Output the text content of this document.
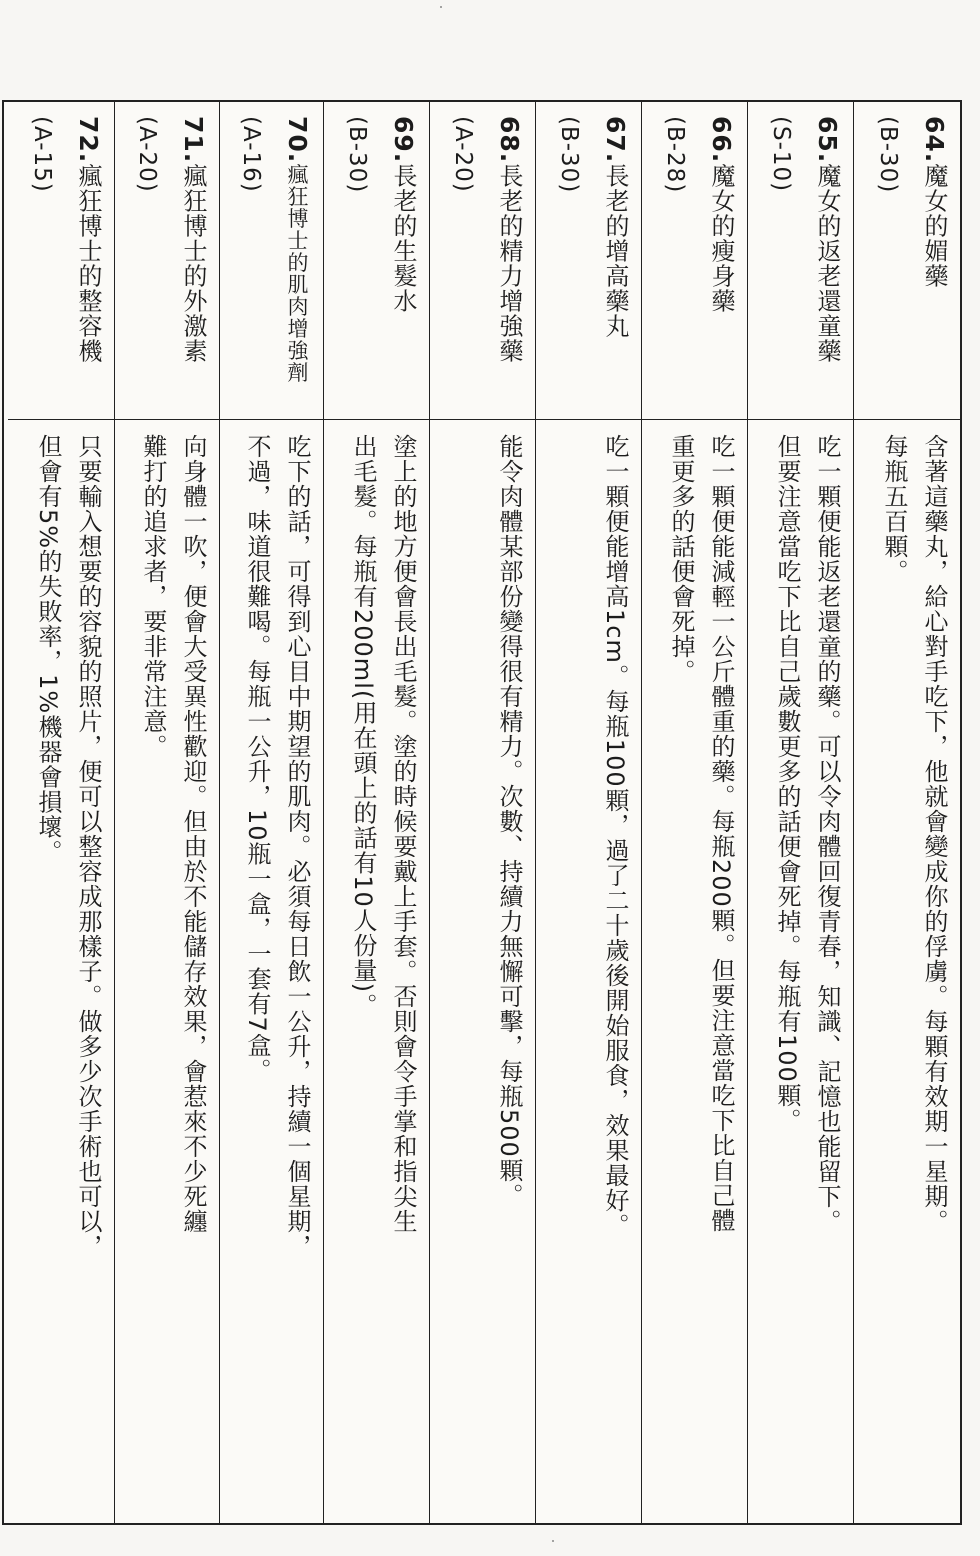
64.魔女的媚藥
(B-30)
含著這藥丸，給心對手吃下，他就會變成你的俘虜。每顆有效期一星期。
每瓶五百顆。
65.魔女的返老還童藥
(S-10)
吃一顆便能返老還童的藥。可以令肉體回復青春，知識、記憶也能留下。
但要注意當吃下比自己歲數更多的話便會死掉。每瓶有100顆。
66.魔女的瘦身藥
(B-28)
吃一顆便能減輕一公斤體重的藥。每瓶200顆。但要注意當吃下比自己體
重更多的話便會死掉。
67.長老的增高藥丸
(B-30)
吃一顆便能增高1cm。每瓶100顆，過了二十歲後開始服食，效果最好。
68.長老的精力增強藥
(A-20)
能令肉體某部份變得很有精力。次數、持續力無懈可擊，每瓶500顆。
69.長老的生髮水
(B-30)
塗上的地方便會長出毛髮。塗的時候要戴上手套。否則會令手掌和指尖生
出毛髮。每瓶有200ml(用在頭上的話有10人份量)。
70.瘋狂博士的肌肉增強劑
(A-16)
吃下的話，可得到心目中期望的肌肉。必須每日飲一公升，持續一個星期，
不過，味道很難喝。每瓶一公升，10瓶一盒，一套有7盒。
71.瘋狂博士的外激素
(A-20)
向身體一吹，便會大受異性歡迎。但由於不能儲存效果，會惹來不少死纏
難打的追求者，要非常注意。
72.瘋狂博士的整容機
(A-15)
只要輸入想要的容貌的照片，便可以整容成那樣子。做多少次手術也可以，
但會有5%的失敗率，1%機器會損壞。
